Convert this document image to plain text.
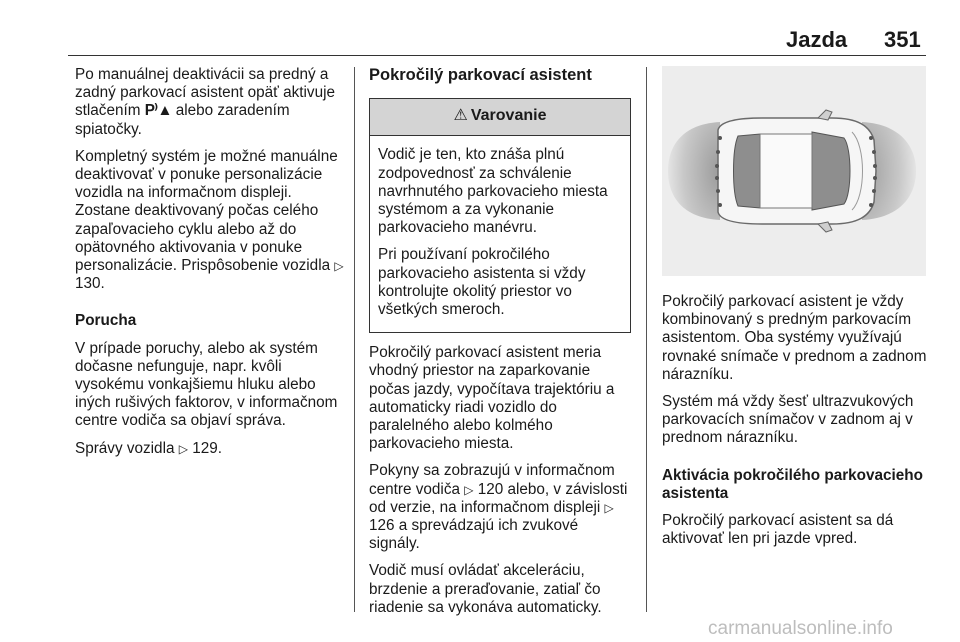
Jazda 351

Po manuálnej deaktivácii sa predný a zadný parkovací asistent opäť aktivuje stlačením P⁾▲ alebo zaradením spiatočky.

Kompletný systém je možné manuálne deaktivovať v ponuke personalizácie vozidla na informačnom displeji. Zostane deaktivovaný počas celého zapaľovacieho cyklu alebo až do opätovného aktivovania v ponuke personalizácie. Prispôsobenie vozidla ▷ 130.

Porucha

V prípade poruchy, alebo ak systém dočasne nefunguje, napr. kvôli vysokému vonkajšiemu hluku alebo iných rušivých faktorov, v informačnom centre vodiča sa objaví správa.

Správy vozidla ▷ 129.

Pokročilý parkovací asistent
⚠ Varovanie

Vodič je ten, kto znáša plnú zodpovednosť za schválenie navrhnutého parkovacieho miesta systémom a za vykonanie parkovacieho manévru.

Pri používaní pokročilého parkovacieho asistenta si vždy kontrolujte okolitý priestor vo všetkých smeroch.

Pokročilý parkovací asistent meria vhodný priestor na zaparkovanie počas jazdy, vypočítava trajektóriu a automaticky riadi vozidlo do paralelného alebo kolmého parkovacieho miesta.

Pokyny sa zobrazujú v informačnom centre vodiča ▷ 120 alebo, v závislosti od verzie, na informačnom displeji ▷ 126 a sprevádzajú ich zvukové signály.

Vodič musí ovládať akceleráciu, brzdenie a preraďovanie, zatiaľ čo riadenie sa vykonáva automaticky.

Pokročilý parkovací asistent je vždy kombinovaný s predným parkovacím asistentom. Oba systémy využívajú rovnaké snímače v prednom a zadnom nárazníku.

Systém má vždy šesť ultrazvukových parkovacích snímačov v zadnom aj v prednom nárazníku.

Aktivácia pokročilého parkovacieho asistenta

Pokročilý parkovací asistent sa dá aktivovať len pri jazde vpred.

carmanualsonline.info
